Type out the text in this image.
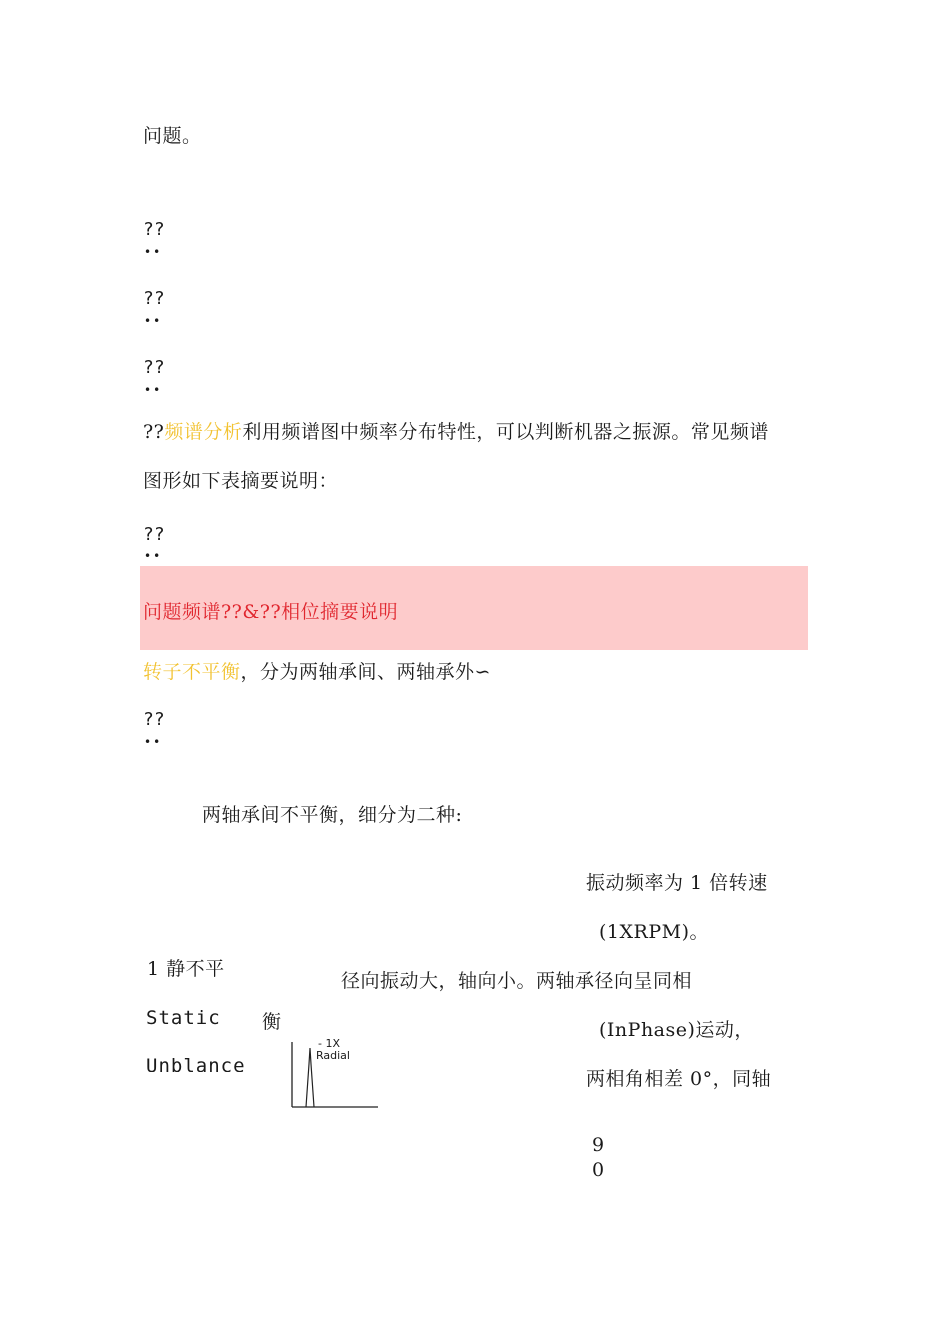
问题。
??
••
??
••
??
••
??频谱分析利用频谱图中频率分布特性，可以判断机器之振源。常见频谱
图形如下表摘要说明：
??
••
问题频谱??&??相位摘要说明
转子不平衡，分为两轴承间、两轴承外∽
??
••
两轴承间不平衡，细分为二种:
1 静不平
Static
Unblance
衡
- 1X
Radial
径向振动大，轴向小。两轴承径向呈同相
振动频率为 1 倍转速
(1XRPM)。
(InPhase)运动，
两相角相差 0°，同轴
9
0
